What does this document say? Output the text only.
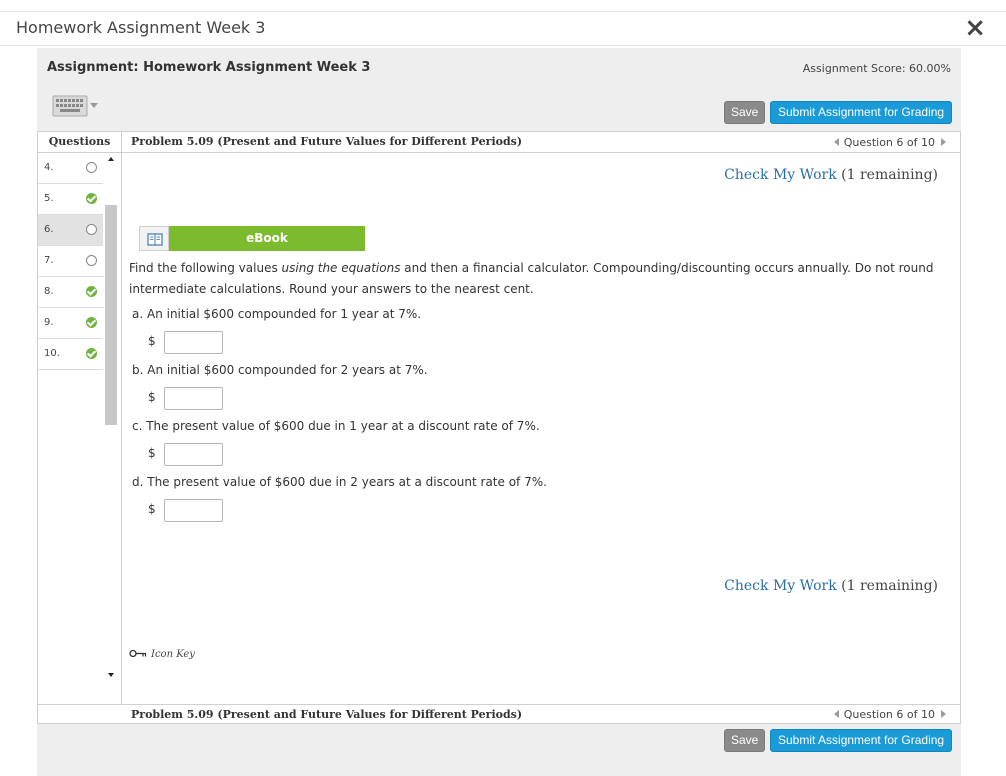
Homework Assignment Week 3	×
Assignment: Homework Assignment Week 3	Assignment Score: 60.00%
Save	Submit Assignment for Grading
Questions	Problem 5.09 (Present and Future Values for Different Periods)	Question 6 of 10
4.
5.
6.
7.
8.
9.
10.
Check My Work (1 remaining)
eBook
Find the following values using the equations and then a financial calculator. Compounding/discounting occurs annually. Do not round intermediate calculations. Round your answers to the nearest cent.
a. An initial $600 compounded for 1 year at 7%.
$
b. An initial $600 compounded for 2 years at 7%.
$
c. The present value of $600 due in 1 year at a discount rate of 7%.
$
d. The present value of $600 due in 2 years at a discount rate of 7%.
$
Check My Work (1 remaining)
Icon Key
Problem 5.09 (Present and Future Values for Different Periods)	Question 6 of 10
Save	Submit Assignment for Grading
